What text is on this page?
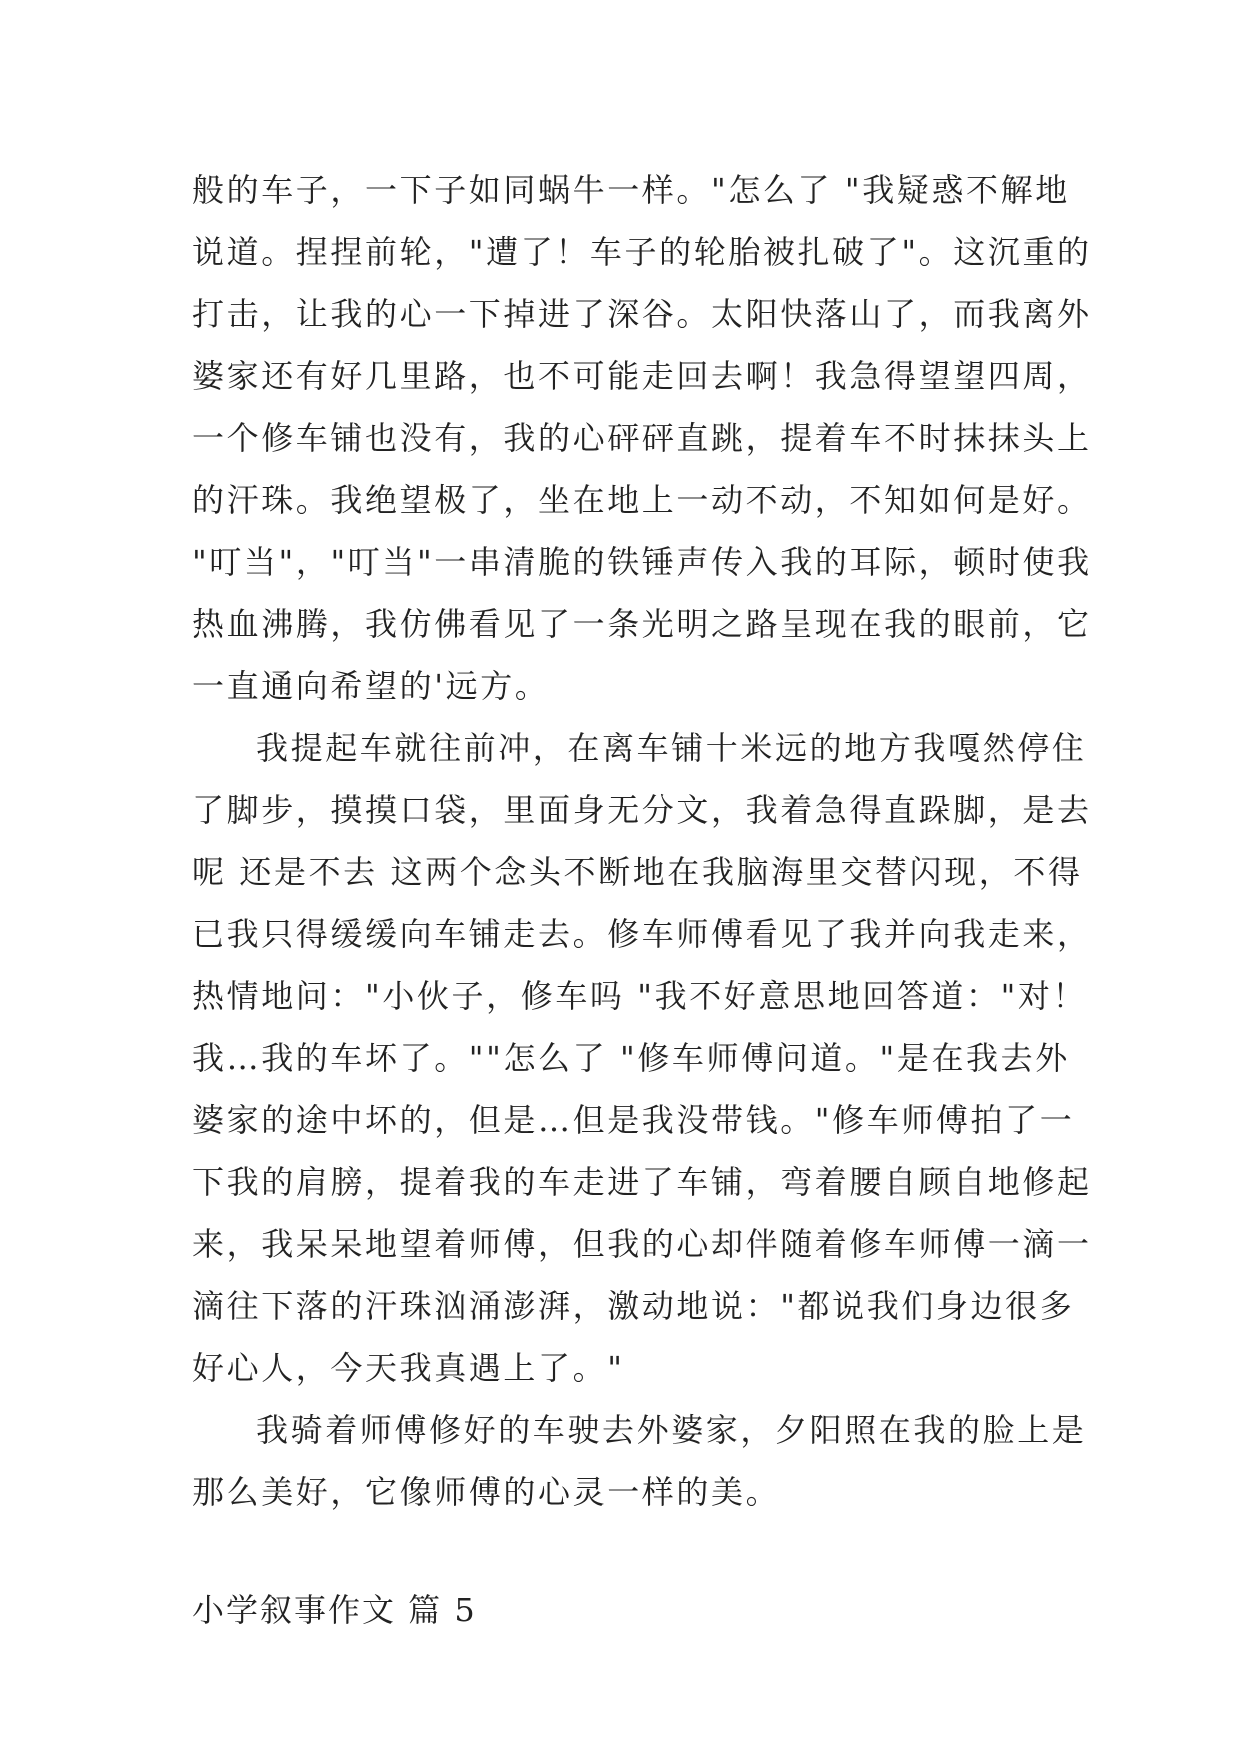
般的车子，一下子如同蜗牛一样。"怎么了 "我疑惑不解地
说道。捏捏前轮，"遭了！车子的轮胎被扎破了"。这沉重的
打击，让我的心一下掉进了深谷。太阳快落山了，而我离外
婆家还有好几里路，也不可能走回去啊！我急得望望四周，
一个修车铺也没有，我的心砰砰直跳，提着车不时抹抹头上
的汗珠。我绝望极了，坐在地上一动不动，不知如何是好。
"叮当"，"叮当"一串清脆的铁锤声传入我的耳际，顿时使我
热血沸腾，我仿佛看见了一条光明之路呈现在我的眼前，它
一直通向希望的'远方。
我提起车就往前冲，在离车铺十米远的地方我嘎然停住
了脚步，摸摸口袋，里面身无分文，我着急得直跺脚，是去
呢 还是不去 这两个念头不断地在我脑海里交替闪现，不得
已我只得缓缓向车铺走去。修车师傅看见了我并向我走来，
热情地问："小伙子，修车吗 "我不好意思地回答道："对！
我…我的车坏了。""怎么了 "修车师傅问道。"是在我去外
婆家的途中坏的，但是…但是我没带钱。"修车师傅拍了一
下我的肩膀，提着我的车走进了车铺，弯着腰自顾自地修起
来，我呆呆地望着师傅，但我的心却伴随着修车师傅一滴一
滴往下落的汗珠汹涌澎湃，激动地说："都说我们身边很多
好心人，今天我真遇上了。"
我骑着师傅修好的车驶去外婆家，夕阳照在我的脸上是
那么美好，它像师傅的心灵一样的美。
小学叙事作文 篇 5
